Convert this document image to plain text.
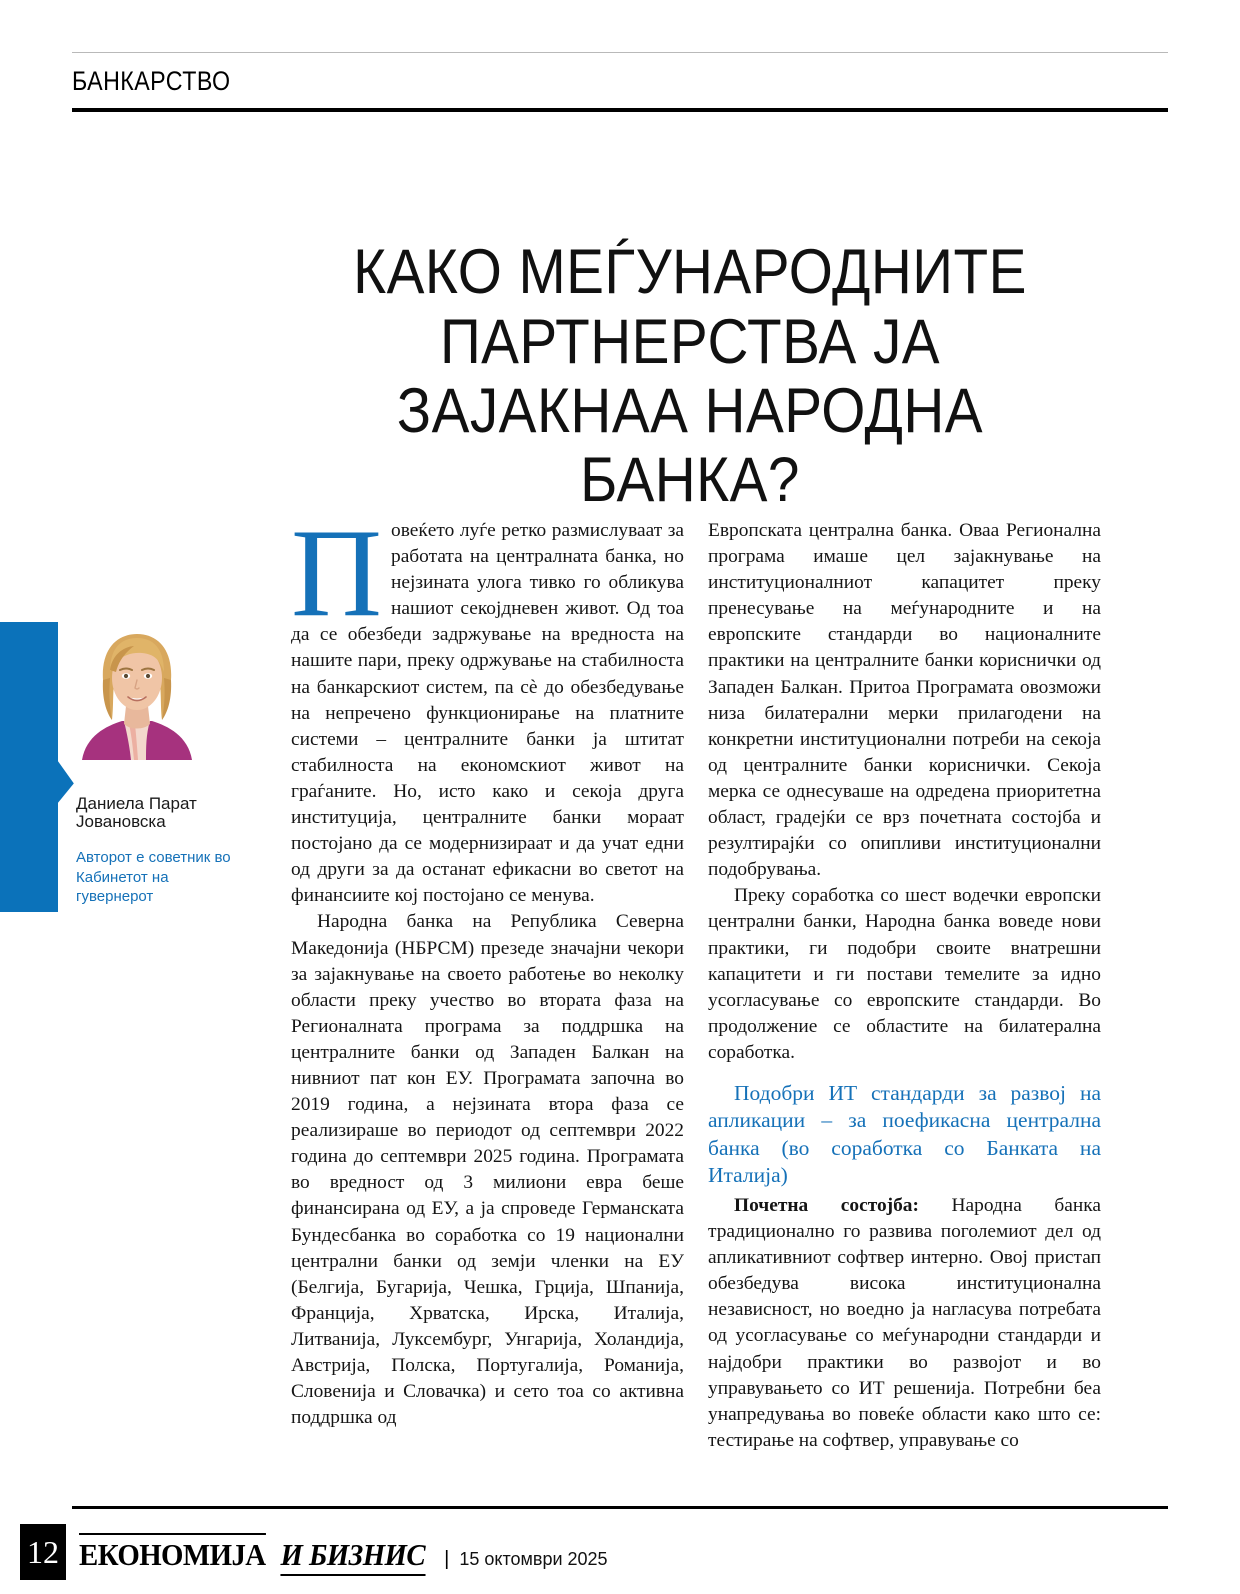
БАНКАРСТВО
КАКО МЕЃУНАРОДНИТЕ
ПАРТНЕРСТВА ЈА
ЗАЈАКНАА НАРОДНА
БАНКА?
Даниела Парат Јовановска
Авторот е советник во Кабинетот на гувернерот

Повеќето луѓе ретко размислуваат за работата на централната банка, но нејзината улога тивко го обликува нашиот секојдневен живот. Од тоа да се обезбеди задржување на вредноста на нашите пари, преку одржување на стабилноста на банкарскиот систем, па сè до обезбедување на непречено функционирање на платните системи – централните банки ја штитат стабилноста на економскиот живот на граѓаните. Но, исто како и секоја друга институција, централните банки мораат постојано да се модернизираат и да учат едни од други за да останат ефикасни во светот на финансиите кој постојано се менува.

Народна банка на Република Северна Македонија (НБРСМ) презеде значајни чекори за зајакнување на своето работење во неколку области преку учество во втората фаза на Регионалната програма за поддршка на централните банки од Западен Балкан на нивниот пат кон ЕУ. Програмата започна во 2019 година, а нејзината втора фаза се реализираше во периодот од септември 2022 година до септември 2025 година. Програмата во вредност од 3 милиони евра беше финансирана од ЕУ, а ја спроведе Германската Бундесбанка во соработка со 19 национални централни банки од земји членки на ЕУ (Белгија, Бугарија, Чешка, Грција, Шпанија, Франција, Хрватска, Ирска, Италија, Литванија, Луксембург, Унгарија, Холандија, Австрија, Полска, Португалија, Романија, Словенија и Словачка) и сето тоа со активна поддршка од

Европската централна банка. Оваа Регионална програма имаше цел зајакнување на институционалниот капацитет преку пренесување на меѓународните и на европските стандарди во националните практики на централните банки кориснички од Западен Балкан. Притоа Програмата овозможи низа билатерални мерки прилагодени на конкретни институционални потреби на секоја од централните банки кориснички. Секоја мерка се однесуваше на одредена приоритетна област, градејќи се врз почетната состојба и резултирајќи со опипливи институционални подобрувања.

Преку соработка со шест водечки европски централни банки, Народна банка воведе нови практики, ги подобри своите внатрешни капацитети и ги постави темелите за идно усогласување со европските стандарди. Во продолжение се областите на билатерална соработка.

Подобри ИТ стандарди за развој на апликации – за поефикасна централна банка (во соработка со Банката на Италија)

Почетна состојба: Народна банка традиционално го развива поголемиот дел од апликативниот софтвер интерно. Овој пристап обезбедува висока институционална независност, но воедно ја нагласува потребата од усогласување со меѓународни стандарди и најдобри практики во развојот и во управувањето со ИТ решенија. Потребни беа унапредувања во повеќе области како што се: тестирање на софтвер, управување со

12 ЕКОНОМИЈА И БИЗНИС | 15 октомври 2025
